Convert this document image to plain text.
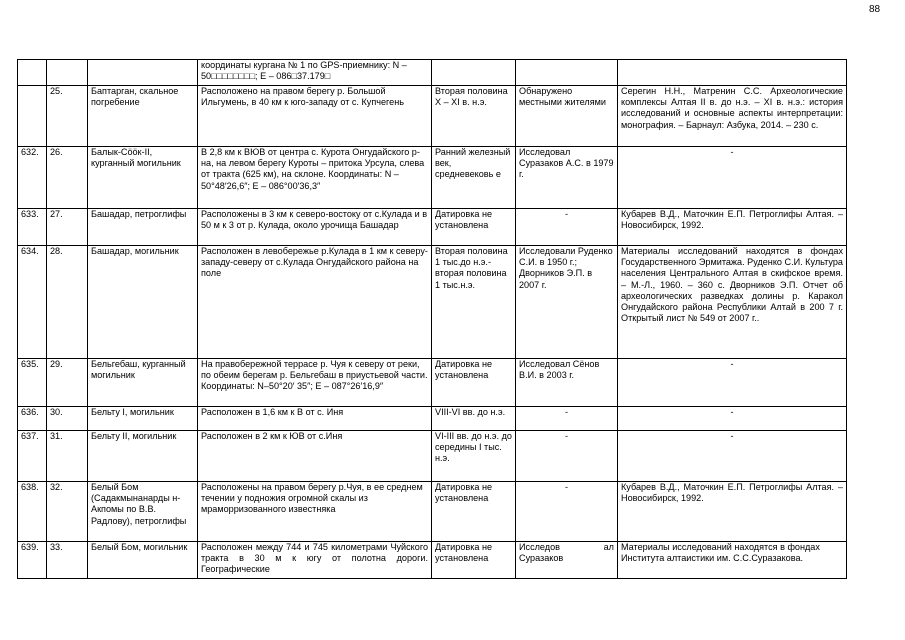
88
			координаты кургана № 1 по GPS-приемнику: N – 50□□□□□□□□; E – 086□37.179□			
	25.	Баптарган, скальное погребение	Расположено на правом берегу р. Большой Ильгумень, в 40 км к юго-западу от с. Купчегень	Вторая половина X – XI в. н.э.	Обнаружено местными жителями	Серегин Н.Н., Матренин С.С. Археологические комплексы Алтая II в. до н.э. – XI в. н.э.: история исследований и основные аспекты интерпретации: монография. – Барнаул: Азбука, 2014. – 230 с.
632.	26.	Балык-Сӧӧк-II, курганный могильник	В 2,8 км к ВЮВ от центра с. Курота Онгудайского р-на, на левом берегу Куроты – притока Урсула, слева от тракта (625 км), на склоне. Координаты: N – 50°48′26,6″; E – 086°00′36,3″	Ранний железный век, средневековь е	Исследовал Суразаков А.С. в 1979 г.	-
633.	27.	Башадар, петроглифы	Расположены в 3 км к северо-востоку от с.Кулада и в 50 м к 3 от р. Кулада, около урочища Башадар	Датировка не установлена	-	Кубарев В.Д., Маточкин Е.П. Петроглифы Алтая. – Новосибирск, 1992.
634.	28.	Башадар, могильник	Расположен в левобережье р.Кулада в 1 км к северу-западу-северу от с.Кулада Онгудайского района на поле	Вторая половина 1 тыс.до н.э.- вторая половина 1 тыс.н.э.	Исследовали Руденко С.И. в 1950 г.; Дворников Э.П. в 2007 г.	Материалы исследований находятся в фондах Государственного Эрмитажа. Руденко С.И. Культура населения Центрального Алтая в скифское время. – М.-Л., 1960. – 360 с. Дворников Э.П. Отчет об археологических разведках долины р. Каракол Онгудайского района Республики Алтай в 200 7 г. Открытый лист № 549 от 2007 г..
635.	29.	Бельгебаш, курганный могильник	На правобережной террасе р. Чуя к северу от реки, по обеим берегам р. Бельгебаш в приустьевой части. Координаты: N–50°20′ 35″; E – 087°26′16,9″	Датировка не установлена	Исследовал Сёнов В.И. в 2003 г.	-
636.	30.	Бельту I, могильник	Расположен в 1,6 км к В от с. Иня	VIII-VI вв. до н.э.	-	-
637.	31.	Бельту II, могильник	Расположен в 2 км к ЮВ от с.Иня	VI-III вв. до н.э. до середины I тыс. н.э.	-	-
638.	32.	Белый Бом (Садакмынанарды н-Акпомы по В.В. Радлову), петроглифы	Расположены на правом берегу р.Чуя, в ее среднем течении у подножия огромной скалы из мраморризованного известняка	Датировка не установлена	-	Кубарев В.Д., Маточкин Е.П. Петроглифы Алтая. – Новосибирск, 1992.
639.	33.	Белый Бом, могильник	Расположен между 744 и 745 километрами Чуйского тракта в 30 м к югу от полотна дороги. Географические	Датировка не установлена	Исследов ал Суразаков	Материалы исследований находятся в фондах Института алтаистики им. С.С.Суразакова.
